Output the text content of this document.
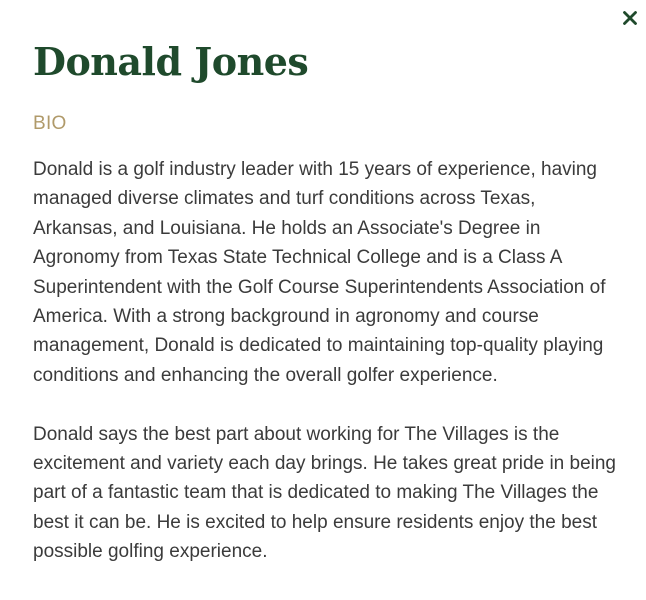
Donald Jones
BIO

Donald is a golf industry leader with 15 years of experience, having managed diverse climates and turf conditions across Texas, Arkansas, and Louisiana. He holds an Associate's Degree in Agronomy from Texas State Technical College and is a Class A Superintendent with the Golf Course Superintendents Association of America. With a strong background in agronomy and course management, Donald is dedicated to maintaining top-quality playing conditions and enhancing the overall golfer experience.

Donald says the best part about working for The Villages is the excitement and variety each day brings. He takes great pride in being part of a fantastic team that is dedicated to making The Villages the best it can be. He is excited to help ensure residents enjoy the best possible golfing experience.
